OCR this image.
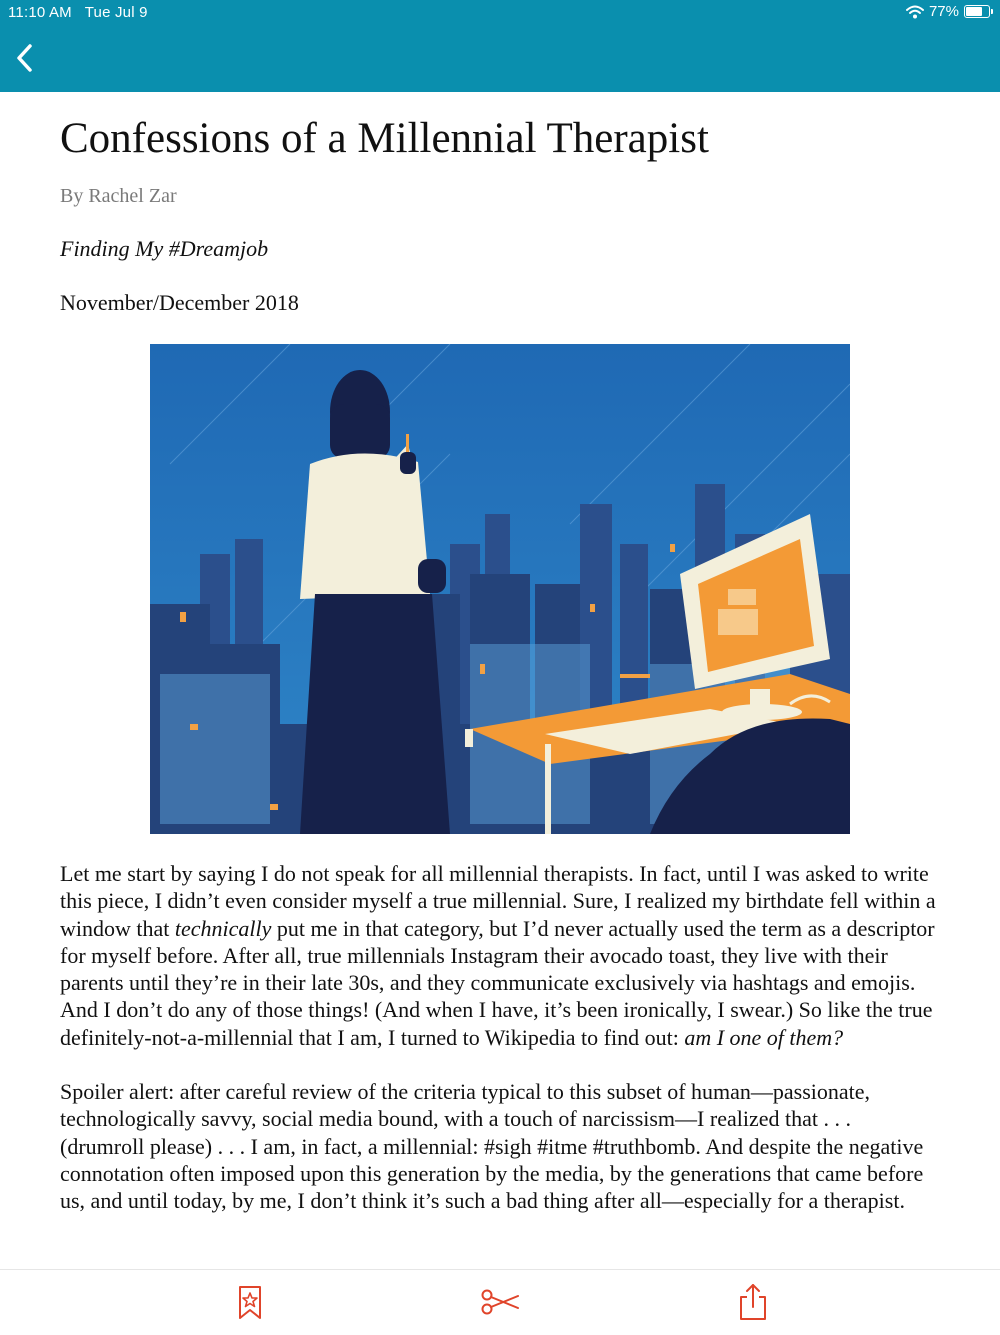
11:10 AM Tue Jul 9	77%
Confessions of a Millennial Therapist
By Rachel Zar
Finding My #Dreamjob
November/December 2018

Let me start by saying I do not speak for all millennial therapists. In fact, until I was asked to write this piece, I didn’t even consider myself a true millennial. Sure, I realized my birthdate fell within a window that technically put me in that category, but I’d never actually used the term as a descriptor for myself before. After all, true millennials Instagram their avocado toast, they live with their parents until they’re in their late 30s, and they communicate exclusively via hashtags and emojis. And I don’t do any of those things! (And when I have, it’s been ironically, I swear.) So like the true definitely-not-a-millennial that I am, I turned to Wikipedia to find out: am I one of them?

Spoiler alert: after careful review of the criteria typical to this subset of human—passionate, technologically savvy, social media bound, with a touch of narcissism—I realized that . . . (drumroll please) . . . I am, in fact, a millennial: #sigh #itme #truthbomb. And despite the negative connotation often imposed upon this generation by the media, by the generations that came before us, and until today, by me, I don’t think it’s such a bad thing after all—especially for a therapist.
